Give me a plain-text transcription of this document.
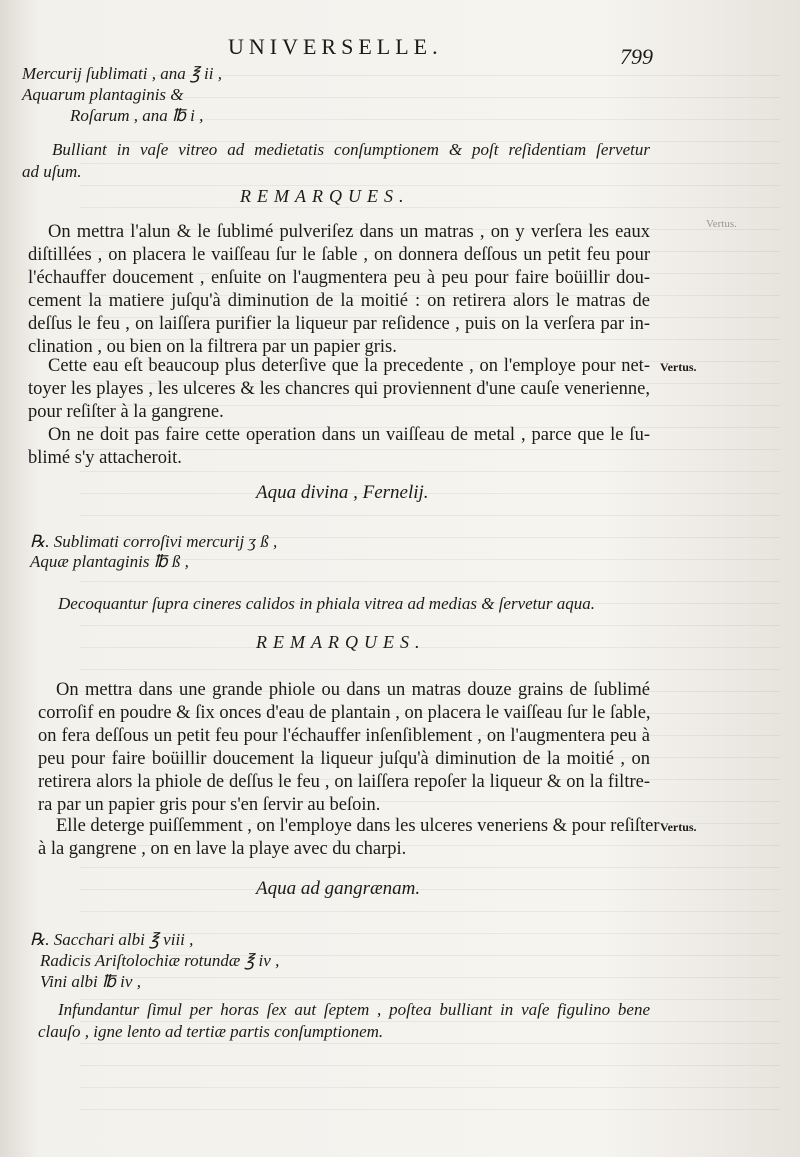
UNIVERSELLE.	799
Mercurij ſublimati , ana ℥ ii ,
Aquarum plantaginis &
Roſarum , ana ℔ i ,
Bulliant in vaſe vitreo ad medietatis conſumptionem & poſt reſidentiam ſervetur
ad uſum.
REMARQUES.
On mettra l'alun & le ſublimé pulveriſez dans un matras , on y verſera les eaux
diſtillées , on placera le vaiſſeau ſur le ſable , on donnera deſſous un petit feu pour
l'échauffer doucement , enſuite on l'augmentera peu à peu pour faire boüillir dou-
cement la matiere juſqu'à diminution de la moitié : on retirera alors le matras de
deſſus le feu , on laiſſera purifier la liqueur par reſidence , puis on la verſera par in-
clination , ou bien on la filtrera par un papier gris.
Cette eau eſt beaucoup plus deterſive que la precedente , on l'employe pour net- Vertus.
toyer les playes , les ulceres & les chancres qui proviennent d'une cauſe venerienne,
pour reſiſter à la gangrene.
On ne doit pas faire cette operation dans un vaiſſeau de metal , parce que le ſu-
blimé s'y attacheroit.
Aqua divina , Fernelij.
℞. Sublimati corroſivi mercurij ʒ ß ,
Aquæ plantaginis ℔ ß ,
Decoquantur ſupra cineres calidos in phiala vitrea ad medias & ſervetur aqua.
REMARQUES.
On mettra dans une grande phiole ou dans un matras douze grains de ſublimé
corroſif en poudre & ſix onces d'eau de plantain , on placera le vaiſſeau ſur le ſable,
on fera deſſous un petit feu pour l'échauffer inſenſiblement , on l'augmentera peu à
peu pour faire boüillir doucement la liqueur juſqu'à diminution de la moitié , on
retirera alors la phiole de deſſus le feu , on laiſſera repoſer la liqueur & on la filtre-
ra par un papier gris pour s'en ſervir au beſoin.
Elle deterge puiſſemment , on l'employe dans les ulceres veneriens & pour reſiſter Vertus.
à la gangrene , on en lave la playe avec du charpi.
Aqua ad gangrænam.
℞. Sacchari albi ℥ viii ,
Radicis Ariſtolochiæ rotundæ ℥ iv ,
Vini albi ℔ iv ,
Infundantur ſimul per horas ſex aut ſeptem , poſtea bulliant in vaſe figulino bene
clauſo , igne lento ad tertiæ partis conſumptionem.
Vertus.
